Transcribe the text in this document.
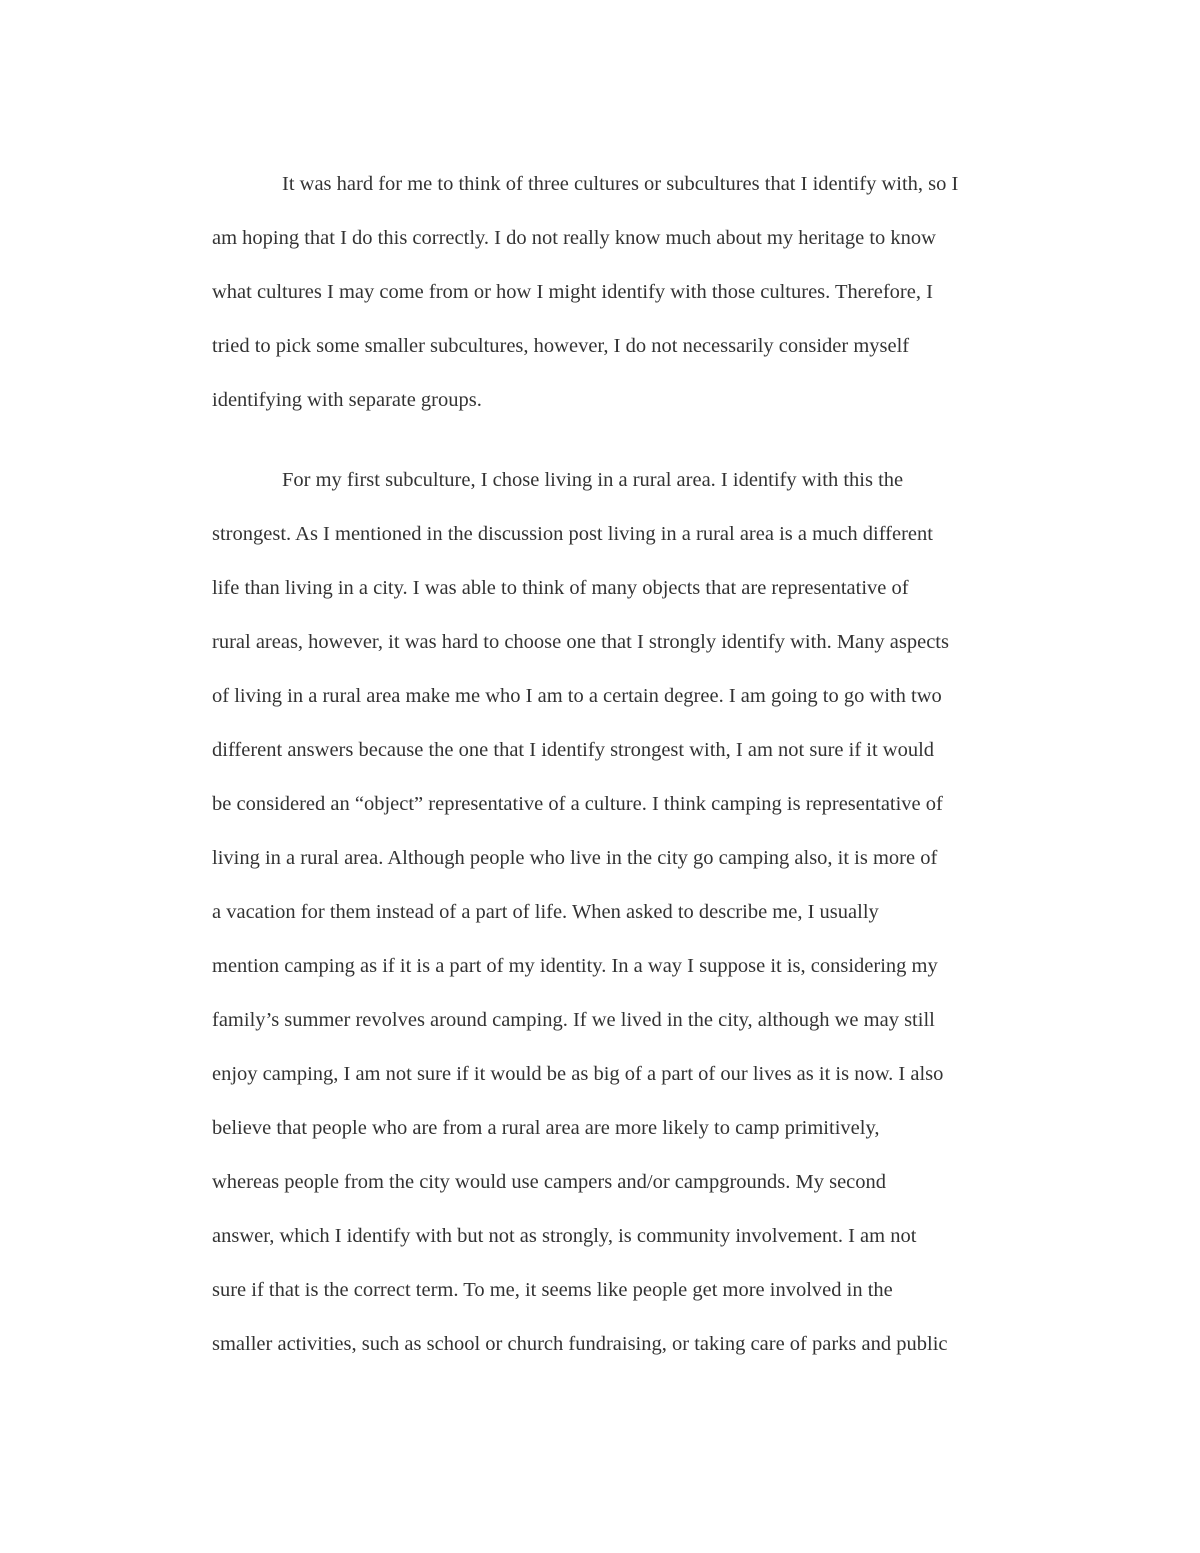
It was hard for me to think of three cultures or subcultures that I identify with, so I
am hoping that I do this correctly. I do not really know much about my heritage to know
what cultures I may come from or how I might identify with those cultures. Therefore, I
tried to pick some smaller subcultures, however, I do not necessarily consider myself
identifying with separate groups.

For my first subculture, I chose living in a rural area. I identify with this the
strongest. As I mentioned in the discussion post living in a rural area is a much different
life than living in a city. I was able to think of many objects that are representative of
rural areas, however, it was hard to choose one that I strongly identify with. Many aspects
of living in a rural area make me who I am to a certain degree. I am going to go with two
different answers because the one that I identify strongest with, I am not sure if it would
be considered an “object” representative of a culture. I think camping is representative of
living in a rural area. Although people who live in the city go camping also, it is more of
a vacation for them instead of a part of life. When asked to describe me, I usually
mention camping as if it is a part of my identity. In a way I suppose it is, considering my
family’s summer revolves around camping. If we lived in the city, although we may still
enjoy camping, I am not sure if it would be as big of a part of our lives as it is now. I also
believe that people who are from a rural area are more likely to camp primitively,
whereas people from the city would use campers and/or campgrounds. My second
answer, which I identify with but not as strongly, is community involvement. I am not
sure if that is the correct term. To me, it seems like people get more involved in the
smaller activities, such as school or church fundraising, or taking care of parks and public
